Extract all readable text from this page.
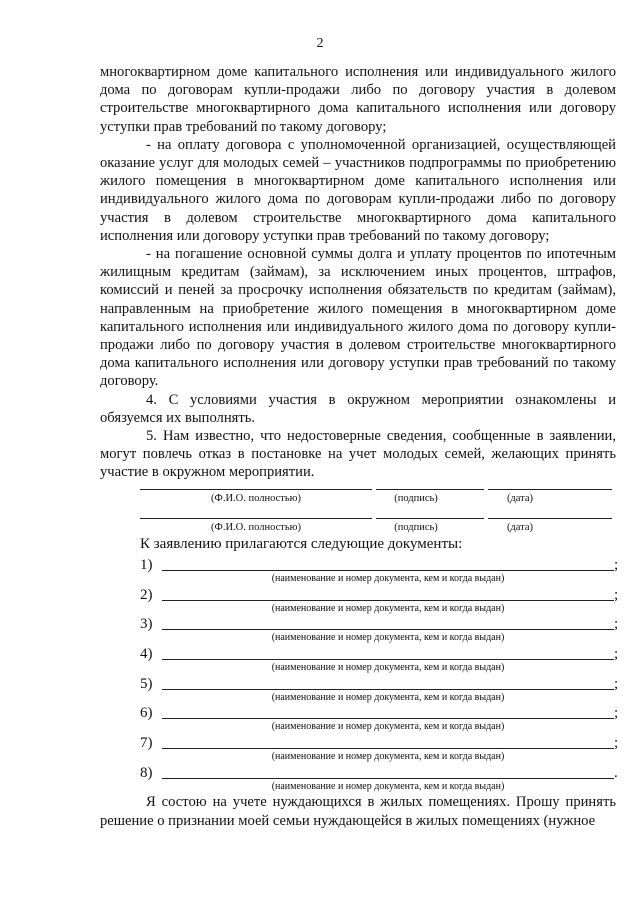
2

многоквартирном доме капитального исполнения или индивидуального жилого дома по договорам купли-продажи либо по договору участия в долевом строительстве многоквартирного дома капитального исполнения или договору уступки прав требований по такому договору;

- на оплату договора с уполномоченной организацией, осуществляющей оказание услуг для молодых семей – участников подпрограммы по приобретению жилого помещения в многоквартирном доме капитального исполнения или индивидуального жилого дома по договорам купли-продажи либо по договору участия в долевом строительстве многоквартирного дома капитального исполнения или договору уступки прав требований по такому договору;

- на погашение основной суммы долга и уплату процентов по ипотечным жилищным кредитам (займам), за исключением иных процентов, штрафов, комиссий и пеней за просрочку исполнения обязательств по кредитам (займам), направленным на приобретение жилого помещения в многоквартирном доме капитального исполнения или индивидуального жилого дома по договору купли-продажи либо по договору участия в долевом строительстве многоквартирного дома капитального исполнения или договору уступки прав требований по такому договору.

4. С условиями участия в окружном мероприятии ознакомлены и обязуемся их выполнять.

5. Нам известно, что недостоверные сведения, сообщенные в заявлении, могут повлечь отказ в постановке на учет молодых семей, желающих принять участие в окружном мероприятии.

(Ф.И.О. полностью)	(подпись)	(дата)
(Ф.И.О. полностью)	(подпись)	(дата)
К заявлению прилагаются следующие документы:
1)	;
(наименование и номер документа, кем и когда выдан)
2)	;
(наименование и номер документа, кем и когда выдан)
3)	;
(наименование и номер документа, кем и когда выдан)
4)	;
(наименование и номер документа, кем и когда выдан)
5)	;
(наименование и номер документа, кем и когда выдан)
6)	;
(наименование и номер документа, кем и когда выдан)
7)	;
(наименование и номер документа, кем и когда выдан)
8)	.
(наименование и номер документа, кем и когда выдан)

Я состою на учете нуждающихся в жилых помещениях. Прошу принять решение о признании моей семьи нуждающейся в жилых помещениях (нужное
